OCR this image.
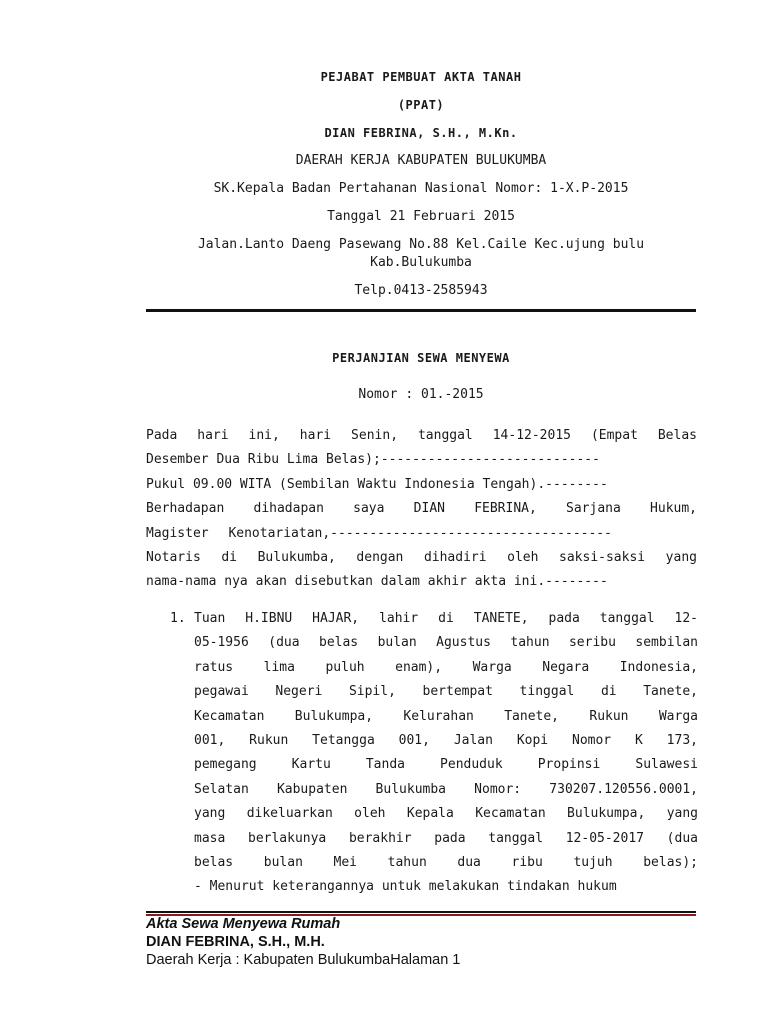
PEJABAT PEMBUAT AKTA TANAH
(PPAT)
DIAN FEBRINA, S.H., M.Kn.
DAERAH KERJA KABUPATEN BULUKUMBA
SK.Kepala Badan Pertahanan Nasional Nomor: 1-X.P-2015
Tanggal 21 Februari 2015
Jalan.Lanto Daeng Pasewang No.88 Kel.Caile Kec.ujung bulu
Kab.Bulukumba
Telp.0413-2585943
PERJANJIAN SEWA MENYEWA
Nomor : 01.-2015
Pada hari ini, hari Senin, tanggal 14-12-2015 (Empat Belas
Desember Dua Ribu Lima Belas);----------------------------
Pukul 09.00 WITA (Sembilan Waktu Indonesia Tengah).--------
Berhadapan dihadapan saya DIAN FEBRINA, Sarjana Hukum,
Magister Kenotariatan,------------------------------------
Notaris di Bulukumba, dengan dihadiri oleh saksi-saksi yang
nama-nama nya akan disebutkan dalam akhir akta ini.--------
1. Tuan H.IBNU HAJAR, lahir di TANETE, pada tanggal 12-
05-1956 (dua belas bulan Agustus tahun seribu sembilan
ratus lima puluh enam), Warga Negara Indonesia,
pegawai Negeri Sipil, bertempat tinggal di Tanete,
Kecamatan Bulukumpa, Kelurahan Tanete, Rukun Warga
001, Rukun Tetangga 001, Jalan Kopi Nomor K 173,
pemegang Kartu Tanda Penduduk Propinsi Sulawesi
Selatan Kabupaten Bulukumba Nomor: 730207.120556.0001,
yang dikeluarkan oleh Kepala Kecamatan Bulukumpa, yang
masa berlakunya berakhir pada tanggal 12-05-2017 (dua
belas bulan Mei tahun dua ribu tujuh belas);
- Menurut keterangannya untuk melakukan tindakan hukum
Akta Sewa Menyewa Rumah
DIAN FEBRINA, S.H., M.H.
Daerah Kerja : Kabupaten BulukumbaHalaman 1
